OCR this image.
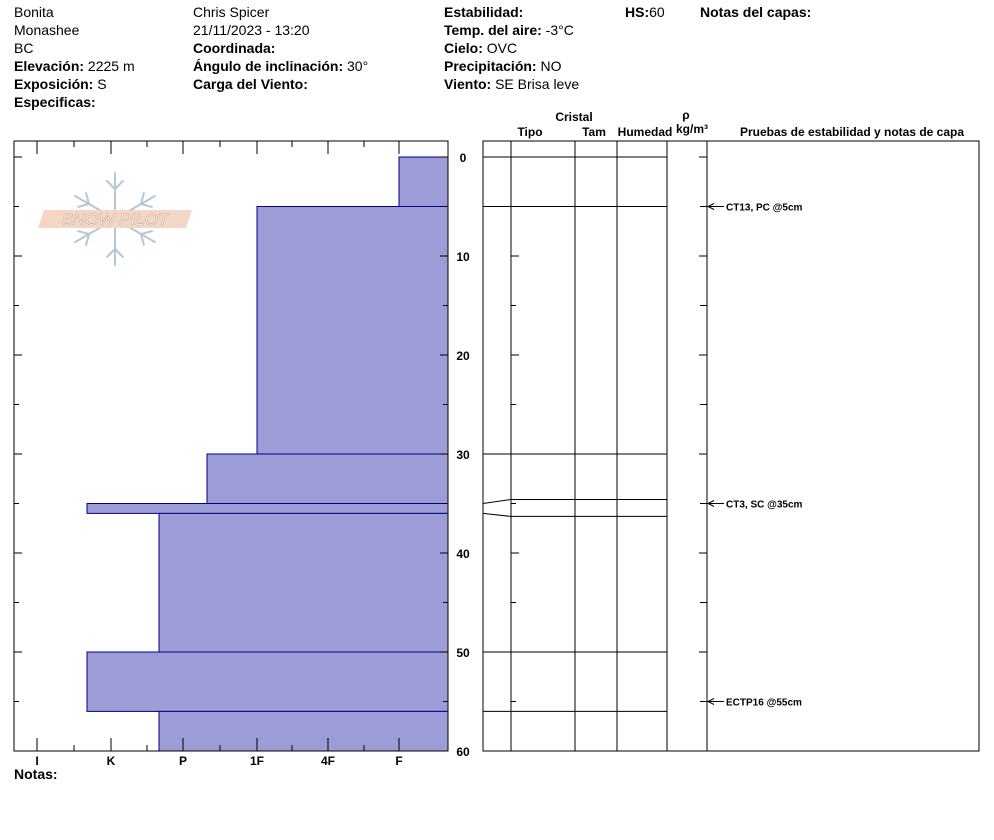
Bonita
Monashee
BC
Elevación: 2225 m
Exposición: S
Especificas:
Chris Spicer
21/11/2023 - 13:20
Coordinada:
Ángulo de inclinación: 30°
Carga del Viento:
Estabilidad:
Temp. del aire: -3°C
Cielo: OVC
Precipitación: NO
Viento: SE Brisa leve
HS:60	Notas del capas:
Notas:
SNOW PILOT
I	K	P	1F	4F	F
0
10
20
30
40
50
60
Cristal
Tipo	Tam Humedad
ρ
kg/m³	Pruebas de estabilidad y notas de capa
CT13, PC @5cm
CT3, SC @35cm
ECTP16 @55cm
